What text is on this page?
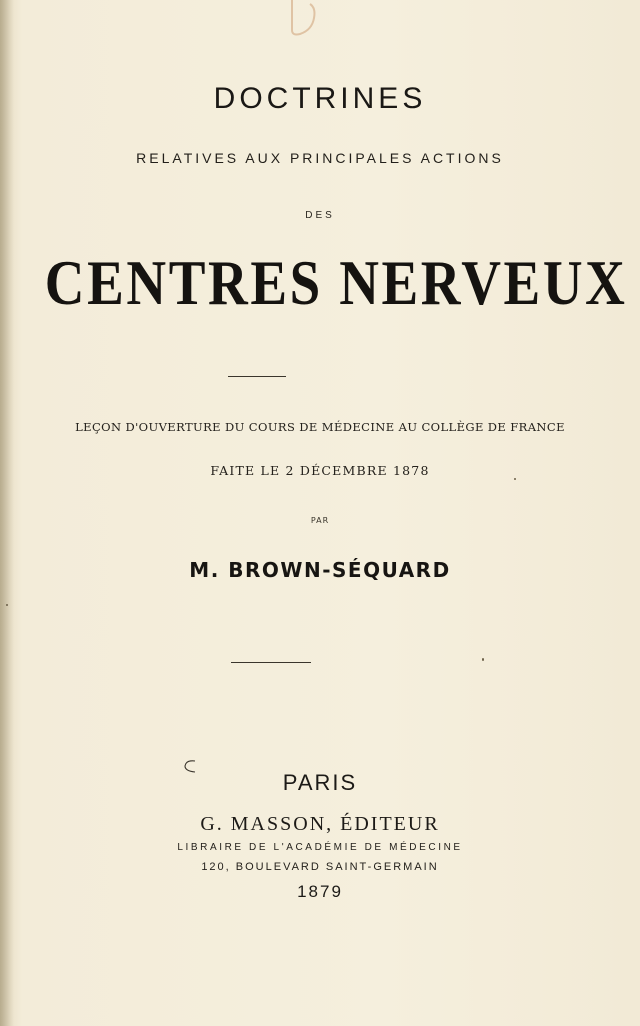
DOCTRINES
RELATIVES AUX PRINCIPALES ACTIONS
DES
CENTRES NERVEUX
LEÇON D'OUVERTURE DU COURS DE MÉDECINE AU COLLÈGE DE FRANCE
FAITE LE 2 DÉCEMBRE 1878
PAR
M. BROWN-SÉQUARD
PARIS
G. MASSON, ÉDITEUR
LIBRAIRE DE L'ACADÉMIE DE MÉDECINE
120, BOULEVARD SAINT-GERMAIN
1879
